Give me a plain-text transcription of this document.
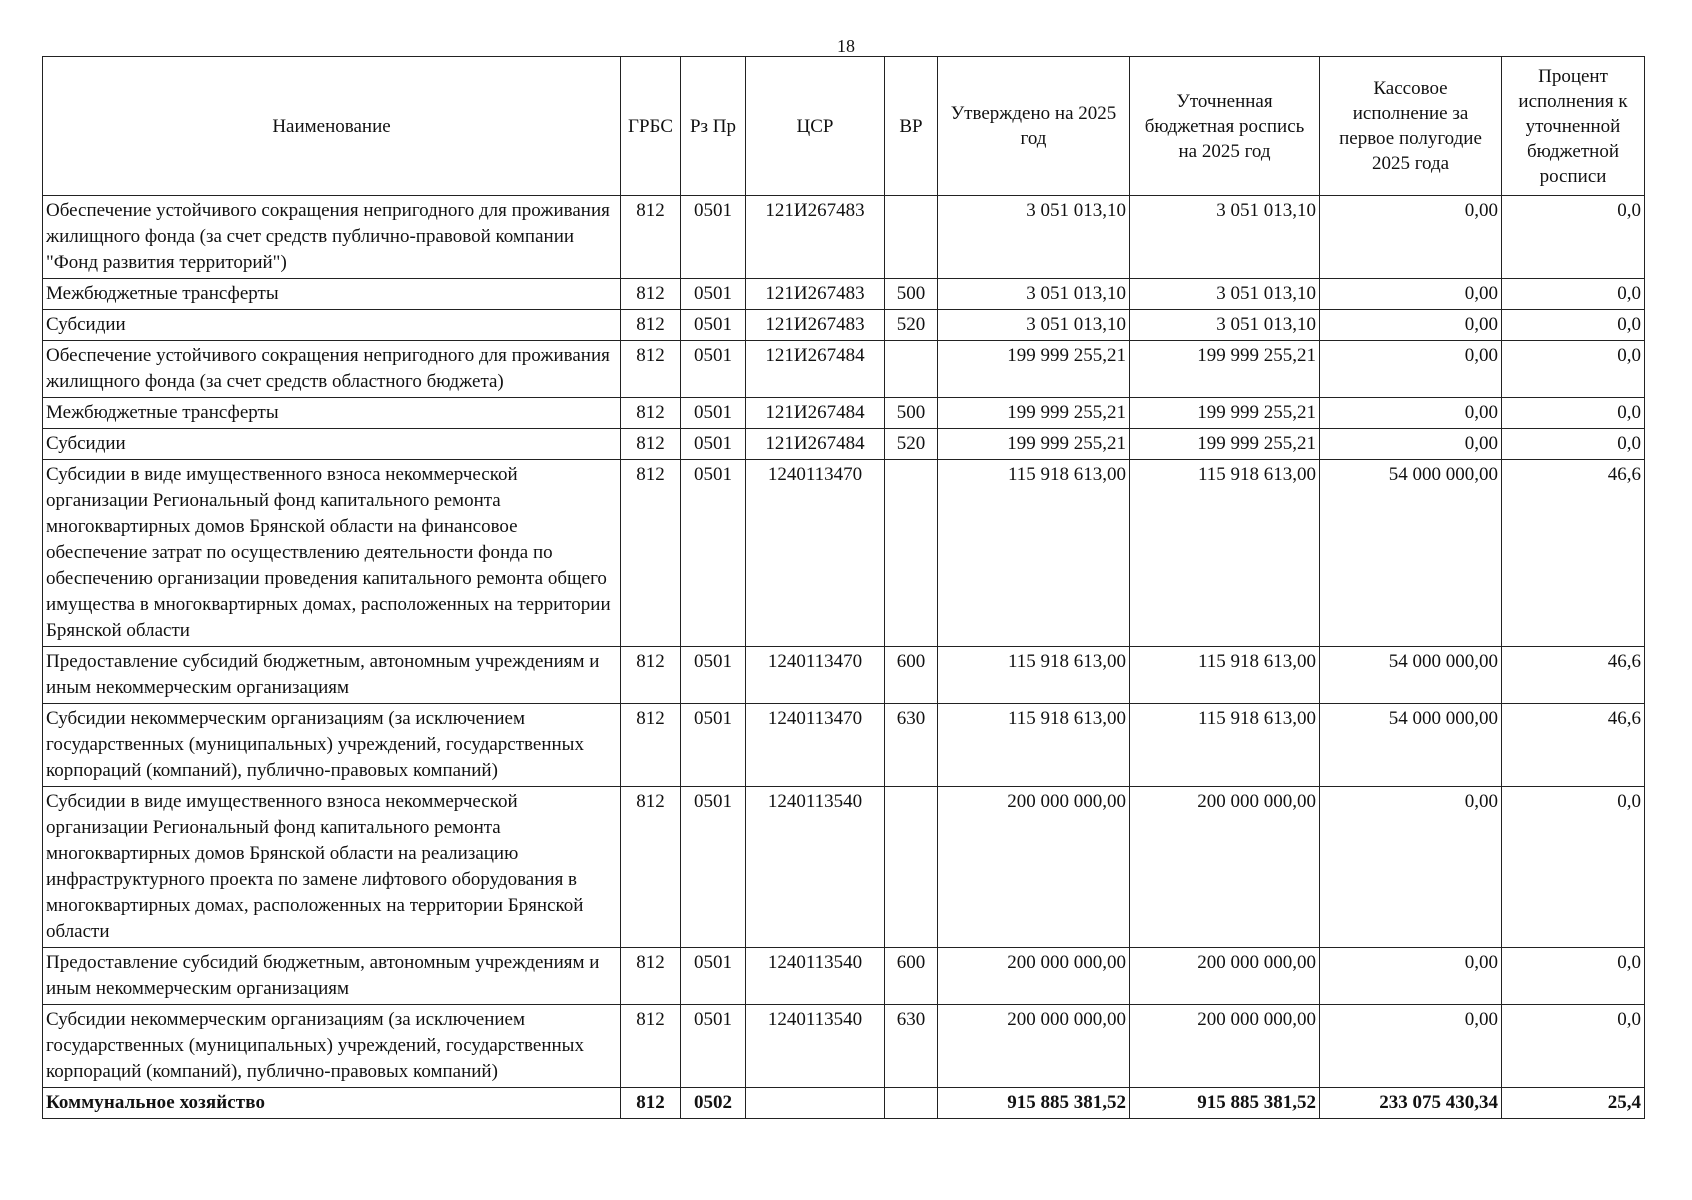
18
Наименование	ГРБС	Рз Пр	ЦСР	ВР	Утверждено на 2025 год	Уточненная бюджетная роспись на 2025 год	Кассовое исполнение за первое полугодие 2025 года	Процент исполнения к уточненной бюджетной росписи
Обеспечение устойчивого сокращения непригодного для проживания жилищного фонда (за счет средств публично-правовой компании "Фонд развития территорий")	812	0501	121И267483		3 051 013,10	3 051 013,10	0,00	0,0
Межбюджетные трансферты	812	0501	121И267483	500	3 051 013,10	3 051 013,10	0,00	0,0
Субсидии	812	0501	121И267483	520	3 051 013,10	3 051 013,10	0,00	0,0
Обеспечение устойчивого сокращения непригодного для проживания жилищного фонда (за счет средств областного бюджета)	812	0501	121И267484		199 999 255,21	199 999 255,21	0,00	0,0
Межбюджетные трансферты	812	0501	121И267484	500	199 999 255,21	199 999 255,21	0,00	0,0
Субсидии	812	0501	121И267484	520	199 999 255,21	199 999 255,21	0,00	0,0
Субсидии в виде имущественного взноса некоммерческой организации Региональный фонд капитального ремонта многоквартирных домов Брянской области на финансовое обеспечение затрат по осуществлению деятельности фонда по обеспечению организации проведения капитального ремонта общего имущества в многоквартирных домах, расположенных на территории Брянской области	812	0501	1240113470		115 918 613,00	115 918 613,00	54 000 000,00	46,6
Предоставление субсидий бюджетным, автономным учреждениям и иным некоммерческим организациям	812	0501	1240113470	600	115 918 613,00	115 918 613,00	54 000 000,00	46,6
Субсидии некоммерческим организациям (за исключением государственных (муниципальных) учреждений, государственных корпораций (компаний), публично-правовых компаний)	812	0501	1240113470	630	115 918 613,00	115 918 613,00	54 000 000,00	46,6
Субсидии в виде имущественного взноса некоммерческой организации Региональный фонд капитального ремонта многоквартирных домов Брянской области на реализацию инфраструктурного проекта по замене лифтового оборудования в многоквартирных домах, расположенных на территории Брянской области	812	0501	1240113540		200 000 000,00	200 000 000,00	0,00	0,0
Предоставление субсидий бюджетным, автономным учреждениям и иным некоммерческим организациям	812	0501	1240113540	600	200 000 000,00	200 000 000,00	0,00	0,0
Субсидии некоммерческим организациям (за исключением государственных (муниципальных) учреждений, государственных корпораций (компаний), публично-правовых компаний)	812	0501	1240113540	630	200 000 000,00	200 000 000,00	0,00	0,0
Коммунальное хозяйство	812	0502			915 885 381,52	915 885 381,52	233 075 430,34	25,4
